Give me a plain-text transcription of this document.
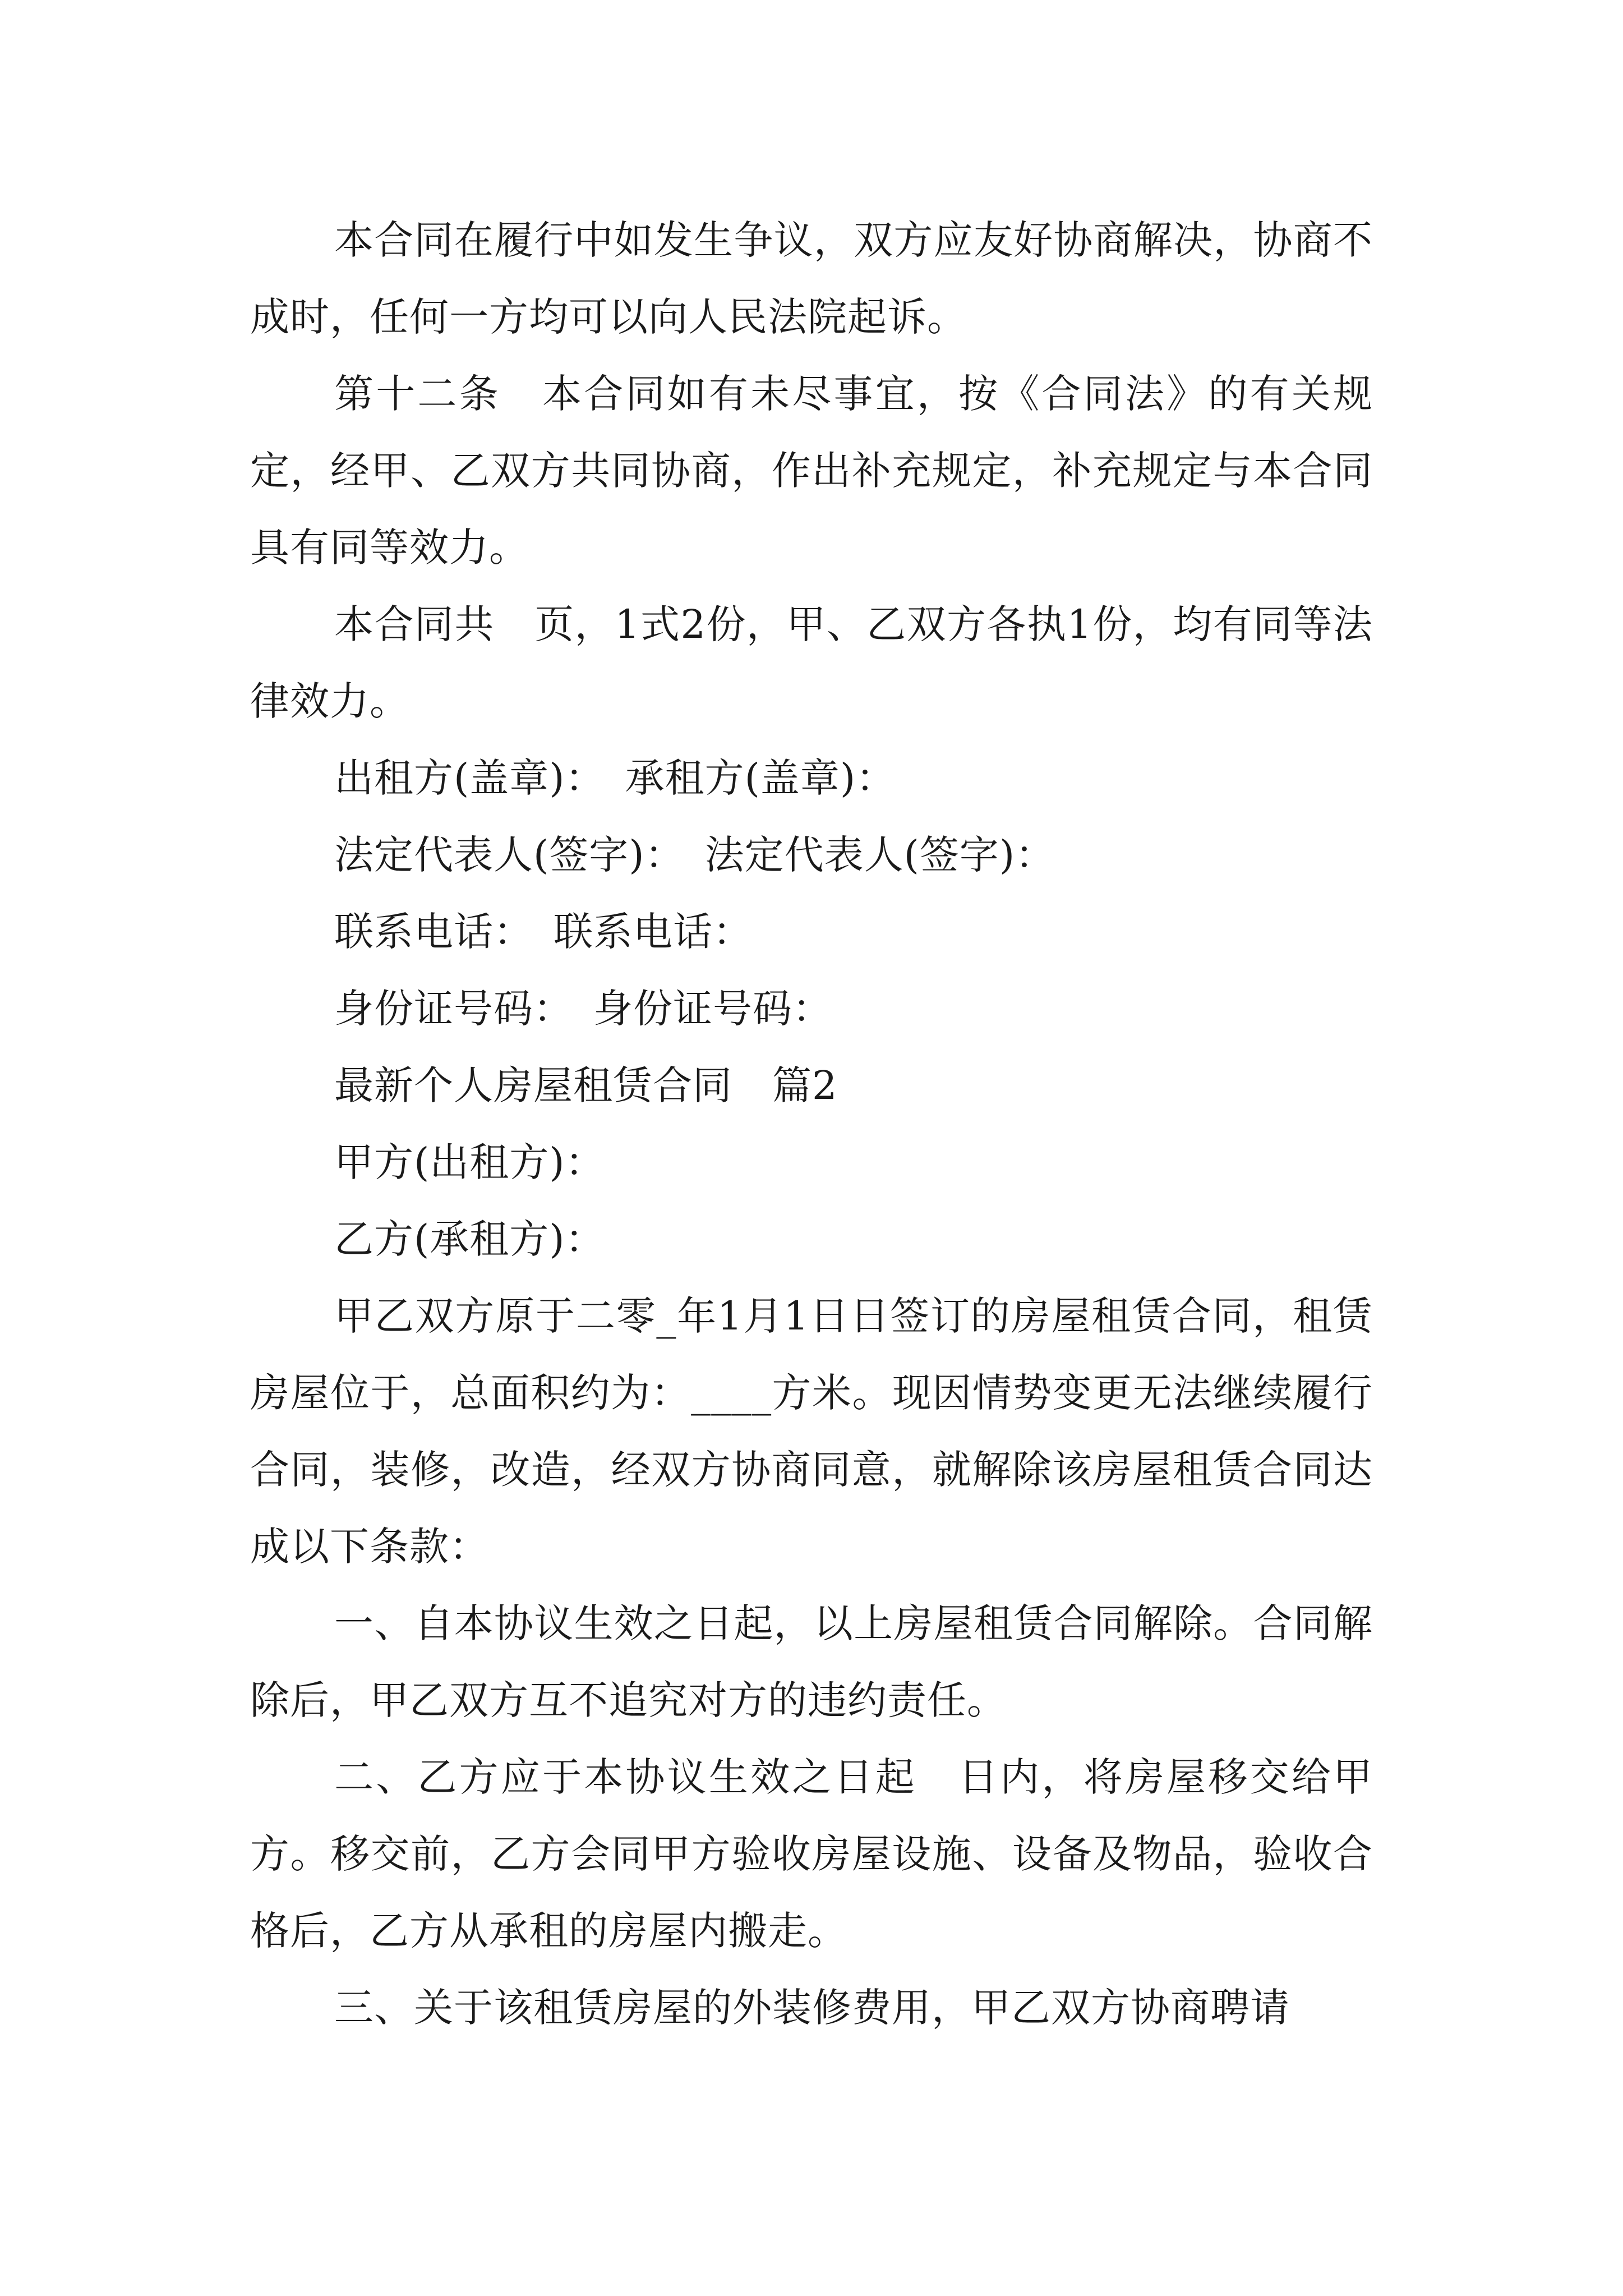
本合同在履行中如发生争议，双方应友好协商解决，协商不成时，任何一方均可以向人民法院起诉。

第十二条　本合同如有未尽事宜，按《合同法》的有关规定，经甲、乙双方共同协商，作出补充规定，补充规定与本合同具有同等效力。

本合同共　页，1式2份，甲、乙双方各执1份，均有同等法律效力。

出租方(盖章)：　承租方(盖章)：

法定代表人(签字)：　法定代表人(签字)：

联系电话：　联系电话：

身份证号码：　身份证号码：

最新个人房屋租赁合同　篇2

甲方(出租方)：

乙方(承租方)：

甲乙双方原于二零_年1月1日日签订的房屋租赁合同，租赁房屋位于，总面积约为：____方米。现因情势变更无法继续履行合同，装修，改造，经双方协商同意，就解除该房屋租赁合同达成以下条款：

一、自本协议生效之日起，以上房屋租赁合同解除。合同解除后，甲乙双方互不追究对方的违约责任。

二、乙方应于本协议生效之日起　日内，将房屋移交给甲方。移交前，乙方会同甲方验收房屋设施、设备及物品，验收合格后，乙方从承租的房屋内搬走。

三、关于该租赁房屋的外装修费用，甲乙双方协商聘请
